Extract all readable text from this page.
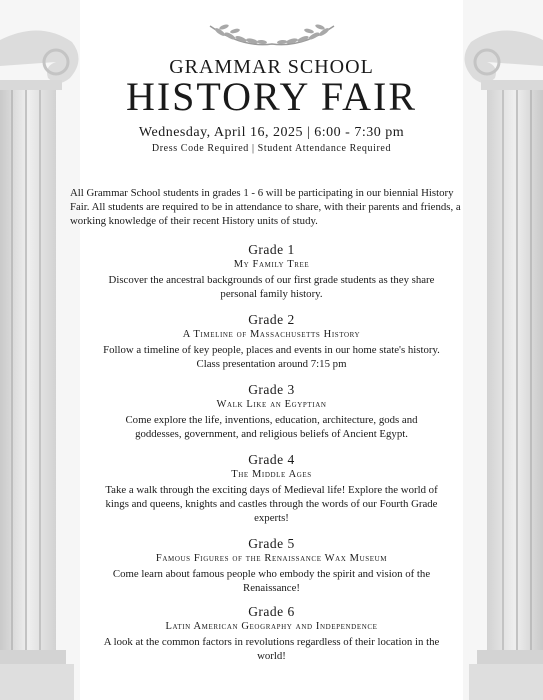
GRAMMAR SCHOOL
HISTORY FAIR
Wednesday, April 16, 2025 | 6:00 - 7:30 pm
Dress Code Required | Student Attendance Required
All Grammar School students in grades 1 - 6 will be participating in our biennial History Fair. All students are required to be in attendance to share, with their parents and friends, a working knowledge of their recent History units of study.
Grade 1
My Family Tree
Discover the ancestral backgrounds of our first grade students as they share personal family history.
Grade 2
A Timeline of Massachusetts History
Follow a timeline of key people, places and events in our home state's history. Class presentation around 7:15 pm
Grade 3
Walk Like an Egyptian
Come explore the life, inventions, education, architecture, gods and goddesses, government, and religious beliefs of Ancient Egypt.
Grade 4
The Middle Ages
Take a walk through the exciting days of Medieval life! Explore the world of kings and queens, knights and castles through the words of our Fourth Grade experts!
Grade 5
Famous Figures of the Renaissance Wax Museum
Come learn about famous people who embody the spirit and vision of the Renaissance!
Grade 6
Latin American Geography and Independence
A look at the common factors in revolutions regardless of their location in the world!
